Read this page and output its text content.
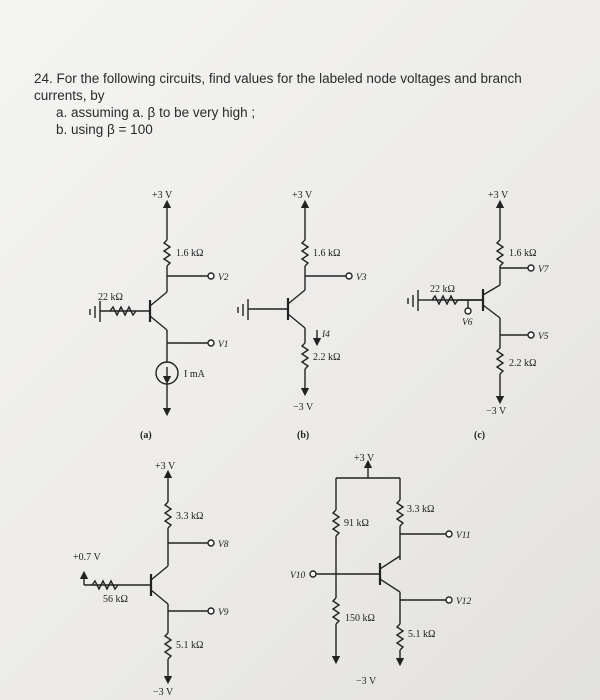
24. For the following circuits, find values for the labeled node voltages and branch
currents, by
a. assuming a. β to be very high ;
b. using β = 100
+3 V
1.6 kΩ
V2
22 kΩ
V1
I mA
(a)
+3 V
1.6 kΩ
V3
I4
2.2 kΩ
−3 V
(b)
+3 V
1.6 kΩ
V7
22 kΩ
V6
V5
2.2 kΩ
−3 V
(c)
+3 V
3.3 kΩ
V8
+0.7 V
56 kΩ
V9
5.1 kΩ
−3 V
+3 V
91 kΩ
3.3 kΩ
V11
V10
V12
150 kΩ
5.1 kΩ
−3 V
